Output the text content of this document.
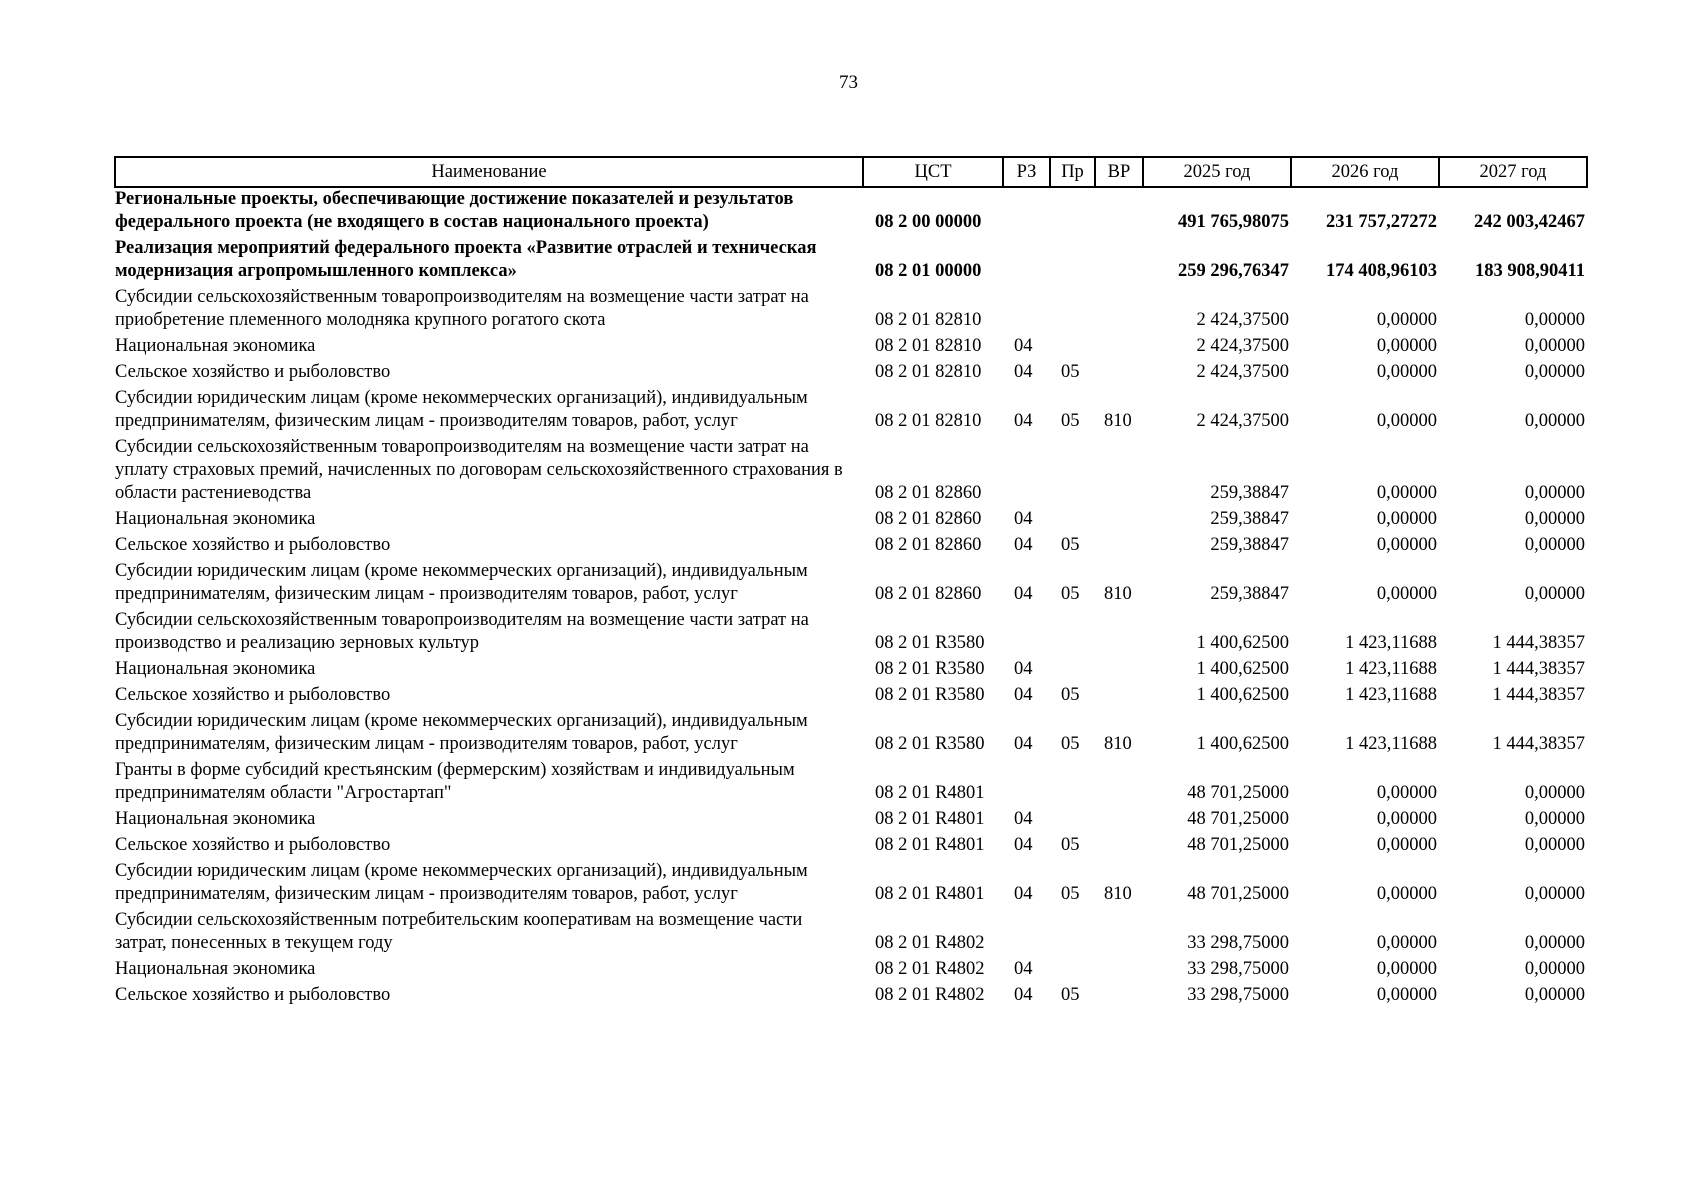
73
Наименование	ЦСТ	РЗ	Пр	ВР	2025 год	2026 год	2027 год
Региональные проекты, обеспечивающие достижение показателей и результатов федерального проекта (не входящего в состав национального проекта)	08 2 00 00000				491 765,98075	231 757,27272	242 003,42467
Реализация мероприятий федерального проекта «Развитие отраслей и техническая модернизация агропромышленного комплекса»	08 2 01 00000				259 296,76347	174 408,96103	183 908,90411
Субсидии сельскохозяйственным товаропроизводителям на возмещение части затрат на приобретение племенного молодняка крупного рогатого скота	08 2 01 82810				2 424,37500	0,00000	0,00000
Национальная экономика	08 2 01 82810	04			2 424,37500	0,00000	0,00000
Сельское хозяйство и рыболовство	08 2 01 82810	04	05		2 424,37500	0,00000	0,00000
Субсидии юридическим лицам (кроме некоммерческих организаций), индивидуальным предпринимателям, физическим лицам - производителям товаров, работ, услуг	08 2 01 82810	04	05	810	2 424,37500	0,00000	0,00000
Субсидии сельскохозяйственным товаропроизводителям на возмещение части затрат на уплату страховых премий, начисленных по договорам сельскохозяйственного страхования в области растениеводства	08 2 01 82860				259,38847	0,00000	0,00000
Национальная экономика	08 2 01 82860	04			259,38847	0,00000	0,00000
Сельское хозяйство и рыболовство	08 2 01 82860	04	05		259,38847	0,00000	0,00000
Субсидии юридическим лицам (кроме некоммерческих организаций), индивидуальным предпринимателям, физическим лицам - производителям товаров, работ, услуг	08 2 01 82860	04	05	810	259,38847	0,00000	0,00000
Субсидии сельскохозяйственным товаропроизводителям на возмещение части затрат на производство и реализацию зерновых культур	08 2 01 R3580				1 400,62500	1 423,11688	1 444,38357
Национальная экономика	08 2 01 R3580	04			1 400,62500	1 423,11688	1 444,38357
Сельское хозяйство и рыболовство	08 2 01 R3580	04	05		1 400,62500	1 423,11688	1 444,38357
Субсидии юридическим лицам (кроме некоммерческих организаций), индивидуальным предпринимателям, физическим лицам - производителям товаров, работ, услуг	08 2 01 R3580	04	05	810	1 400,62500	1 423,11688	1 444,38357
Гранты в форме субсидий крестьянским (фермерским) хозяйствам и индивидуальным предпринимателям области "Агростартап"	08 2 01 R4801				48 701,25000	0,00000	0,00000
Национальная экономика	08 2 01 R4801	04			48 701,25000	0,00000	0,00000
Сельское хозяйство и рыболовство	08 2 01 R4801	04	05		48 701,25000	0,00000	0,00000
Субсидии юридическим лицам (кроме некоммерческих организаций), индивидуальным предпринимателям, физическим лицам - производителям товаров, работ, услуг	08 2 01 R4801	04	05	810	48 701,25000	0,00000	0,00000
Субсидии сельскохозяйственным потребительским кооперативам на возмещение части затрат, понесенных в текущем году	08 2 01 R4802				33 298,75000	0,00000	0,00000
Национальная экономика	08 2 01 R4802	04			33 298,75000	0,00000	0,00000
Сельское хозяйство и рыболовство	08 2 01 R4802	04	05		33 298,75000	0,00000	0,00000
